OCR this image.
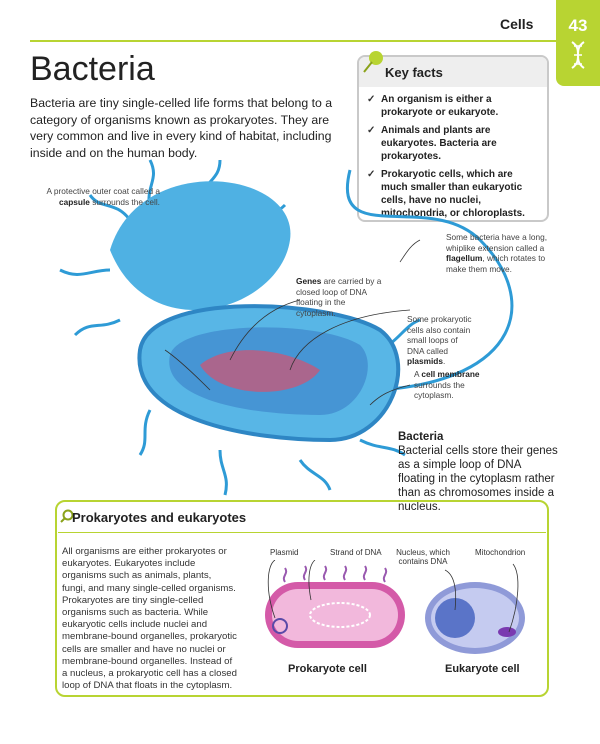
Cells	43
Bacteria

Bacteria are tiny single-celled life forms that belong to a category of organisms known as prokaryotes. They are very common and live in every kind of habitat, including inside and on the human body.

Key facts
✓ An organism is either a prokaryote or eukaryote.
✓ Animals and plants are eukaryotes. Bacteria are prokaryotes.
✓ Prokaryotic cells, which are much smaller than eukaryotic cells, have no nuclei, mitochondria, or chloroplasts.
A protective outer coat called a capsule surrounds the cell.
Some bacteria have a long, whiplike extension called a flagellum, which rotates to make them move.
Genes are carried by a closed loop of DNA floating in the cytoplasm.
Some prokaryotic cells also contain small loops of DNA called plasmids.
A cell membrane surrounds the cytoplasm.
Bacteria
Bacterial cells store their genes as a simple loop of DNA floating in the cytoplasm rather than as chromosomes inside a nucleus.
Prokaryotes and eukaryotes

All organisms are either prokaryotes or eukaryotes. Eukaryotes include organisms such as animals, plants, fungi, and many single-celled organisms. Prokaryotes are tiny single-celled organisms such as bacteria. While eukaryotic cells include nuclei and membrane-bound organelles, prokaryotic cells are smaller and have no nuclei or membrane-bound organelles. Instead of a nucleus, a prokaryotic cell has a closed loop of DNA that floats in the cytoplasm.

Plasmid	Strand of DNA	Nucleus, which contains DNA
Mitochondrion
Prokaryote cell	Eukaryote cell
